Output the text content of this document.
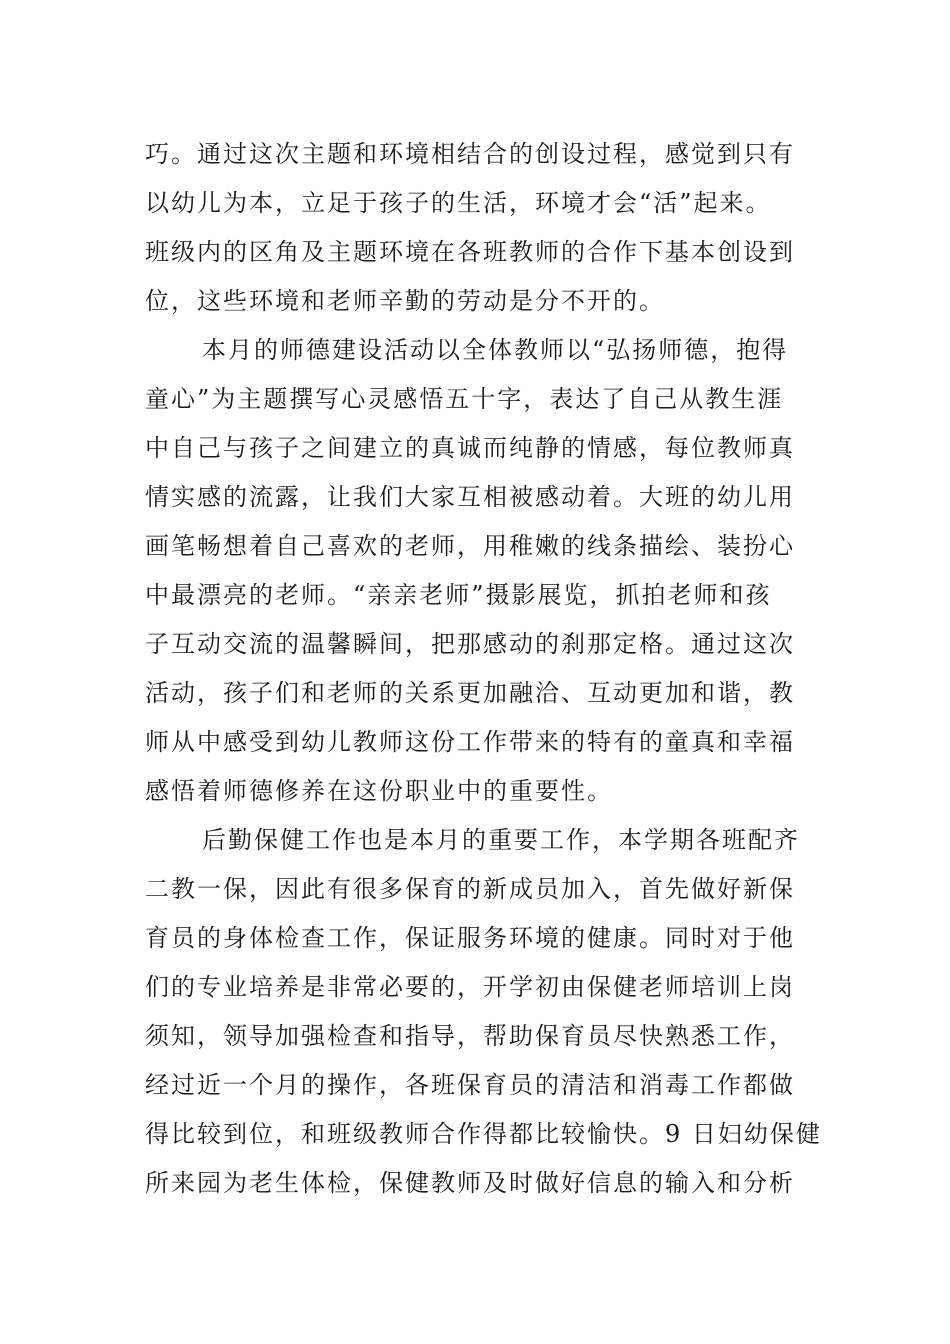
巧。通过这次主题和环境相结合的创设过程，感觉到只有
以幼儿为本，立足于孩子的生活，环境才会“活”起来。
班级内的区角及主题环境在各班教师的合作下基本创设到
位，这些环境和老师辛勤的劳动是分不开的。
本月的师德建设活动以全体教师以“弘扬师德，抱得
童心”为主题撰写心灵感悟五十字，表达了自己从教生涯
中自己与孩子之间建立的真诚而纯静的情感，每位教师真
情实感的流露，让我们大家互相被感动着。大班的幼儿用
画笔畅想着自己喜欢的老师，用稚嫩的线条描绘、装扮心
中最漂亮的老师。“亲亲老师”摄影展览，抓拍老师和孩
子互动交流的温馨瞬间，把那感动的刹那定格。通过这次
活动，孩子们和老师的关系更加融洽、互动更加和谐，教
师从中感受到幼儿教师这份工作带来的特有的童真和幸福
感悟着师德修养在这份职业中的重要性。
后勤保健工作也是本月的重要工作，本学期各班配齐
二教一保，因此有很多保育的新成员加入，首先做好新保
育员的身体检查工作，保证服务环境的健康。同时对于他
们的专业培养是非常必要的，开学初由保健老师培训上岗
须知，领导加强检查和指导，帮助保育员尽快熟悉工作，
经过近一个月的操作，各班保育员的清洁和消毒工作都做
得比较到位，和班级教师合作得都比较愉快。9 日妇幼保健
所来园为老生体检，保健教师及时做好信息的输入和分析
